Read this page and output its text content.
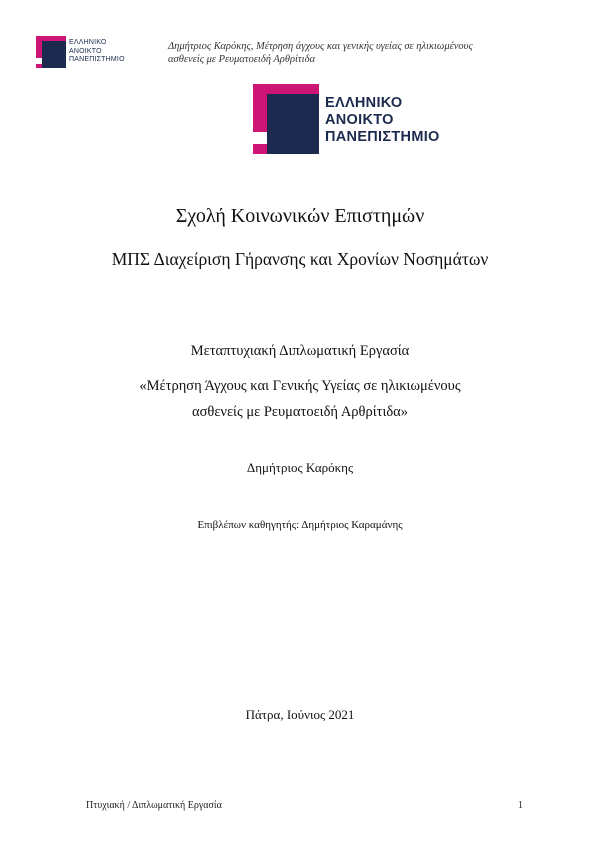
ΕΛΛΗΝΙΚΟ
ΑΝΟΙΚΤΟ
ΠΑΝΕΠΙΣΤΗΜΙΟ
Δημήτριος Καρόκης, Μέτρηση άγχους και γενικής υγείας σε ηλικιωμένους
ασθενείς με Ρευματοειδή Αρθρίτιδα
ΕΛΛΗΝΙΚΟ
ΑΝΟΙΚΤΟ
ΠΑΝΕΠΙΣΤΗΜΙΟ
Σχολή Κοινωνικών Επιστημών
ΜΠΣ Διαχείριση Γήρανσης και Χρονίων Νοσημάτων
Μεταπτυχιακή Διπλωματική Εργασία
«Μέτρηση Άγχους και Γενικής Υγείας σε ηλικιωμένους
ασθενείς με Ρευματοειδή Αρθρίτιδα»
Δημήτριος Καρόκης
Επιβλέπων καθηγητής: Δημήτριος Καραμάνης
Πάτρα, Ιούνιος 2021
Πτυχιακή / Διπλωματική Εργασία	1
